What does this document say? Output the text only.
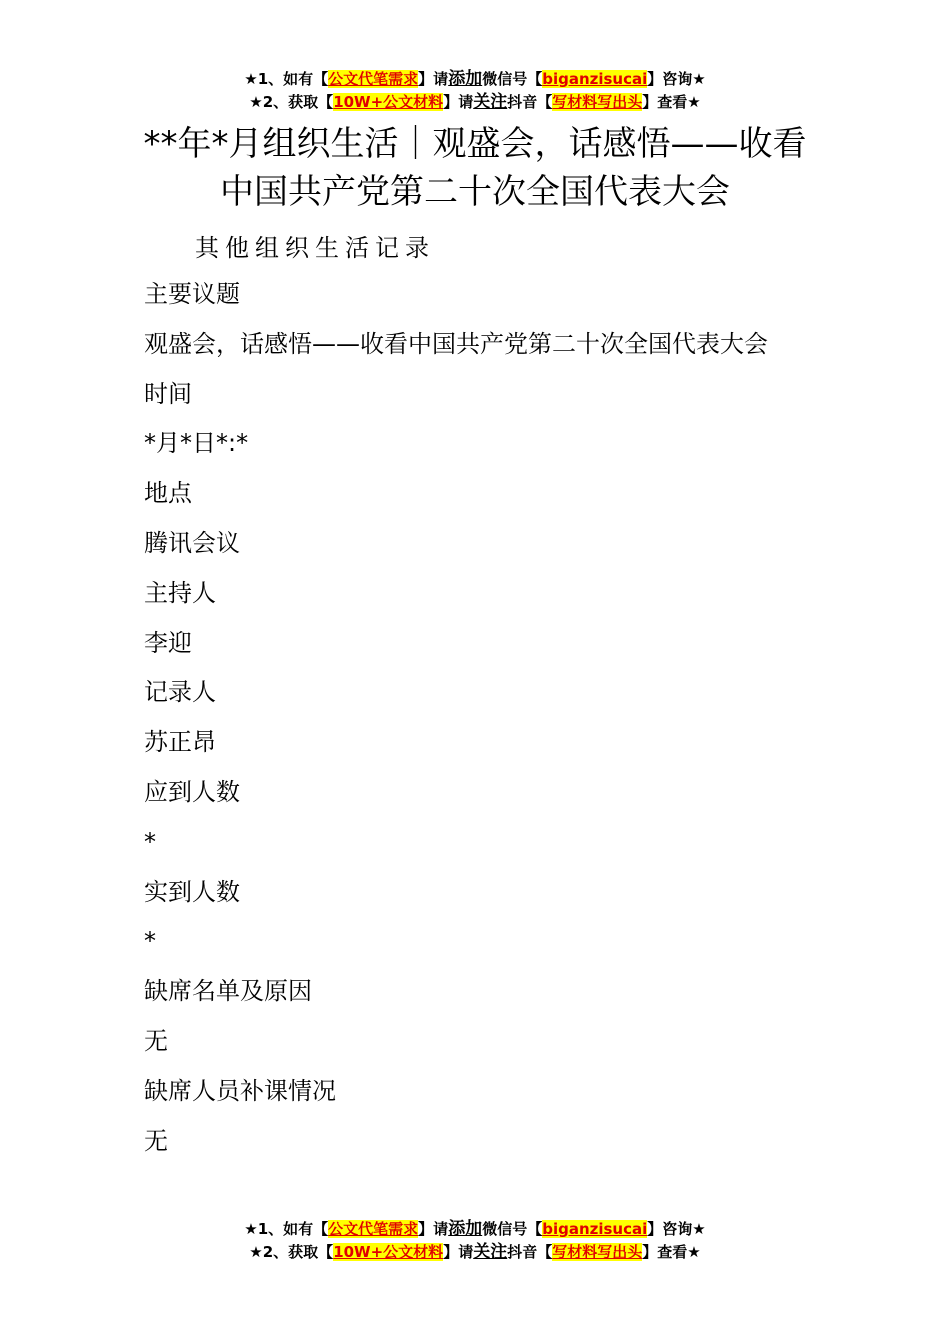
★1、如有【公文代笔需求】请添加微信号【biganzisucai】咨询★
★2、获取【10W+公文材料】请关注抖音【写材料写出头】查看★
**年*月组织生活｜观盛会，话感悟——收看中国共产党第二十次全国代表大会
其他组织生活记录

主要议题

观盛会，话感悟——收看中国共产党第二十次全国代表大会

时间

*月*日*:*

地点

腾讯会议

主持人

李迎

记录人

苏正昂

应到人数

*

实到人数

*

缺席名单及原因

无

缺席人员补课情况

无

★1、如有【公文代笔需求】请添加微信号【biganzisucai】咨询★
★2、获取【10W+公文材料】请关注抖音【写材料写出头】查看★
